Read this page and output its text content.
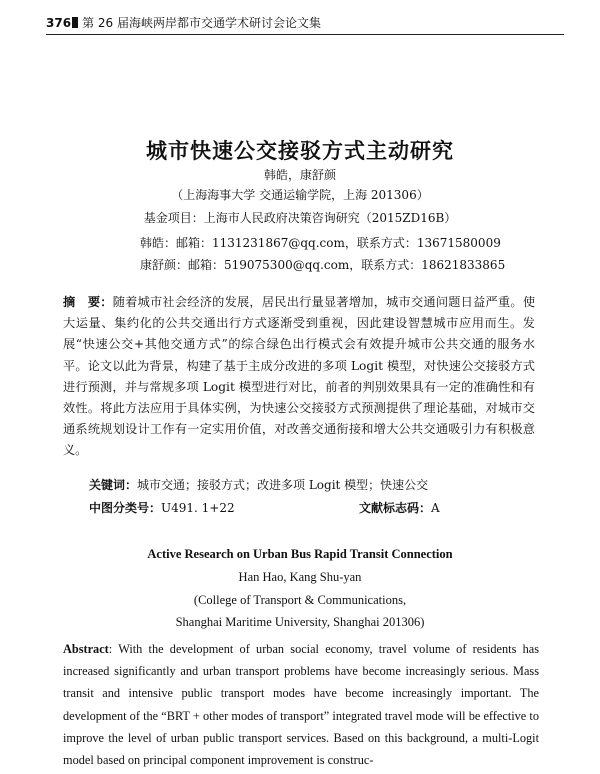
376 第 26 届海峡两岸都市交通学术研讨会论文集
城市快速公交接驳方式主动研究
韩皓，康舒颜
（上海海事大学 交通运输学院，上海 201306）
基金项目：上海市人民政府决策咨询研究（2015ZD16B）
韩皓：邮箱：1131231867@qq.com，联系方式：13671580009
康舒颜：邮箱：519075300@qq.com，联系方式：18621833865
摘　要：随着城市社会经济的发展，居民出行量显著增加，城市交通问题日益严重。使大运量、集约化的公共交通出行方式逐渐受到重视，因此建设智慧城市应用而生。发展“快速公交+其他交通方式”的综合绿色出行模式会有效提升城市公共交通的服务水平。论文以此为背景，构建了基于主成分改进的多项 Logit 模型，对快速公交接驳方式进行预测，并与常规多项 Logit 模型进行对比，前者的判别效果具有一定的准确性和有效性。将此方法应用于具体实例，为快速公交接驳方式预测提供了理论基础，对城市交通系统规划设计工作有一定实用价值，对改善交通衔接和增大公共交通吸引力有积极意义。
关键词：城市交通；接驳方式；改进多项 Logit 模型；快速公交
中图分类号：U491. 1+22	文献标志码：A
Active Research on Urban Bus Rapid Transit Connection
Han Hao, Kang Shu-yan
(College of Transport & Communications,
Shanghai Maritime University, Shanghai 201306)
Abstract: With the development of urban social economy, travel volume of residents has increased significantly and urban transport problems have become increasingly serious. Mass transit and intensive public transport modes have become increasingly important. The development of the “BRT + other modes of transport” integrated travel mode will be effective to improve the level of urban public transport services. Based on this background, a multi-Logit model based on principal component improvement is construc-
